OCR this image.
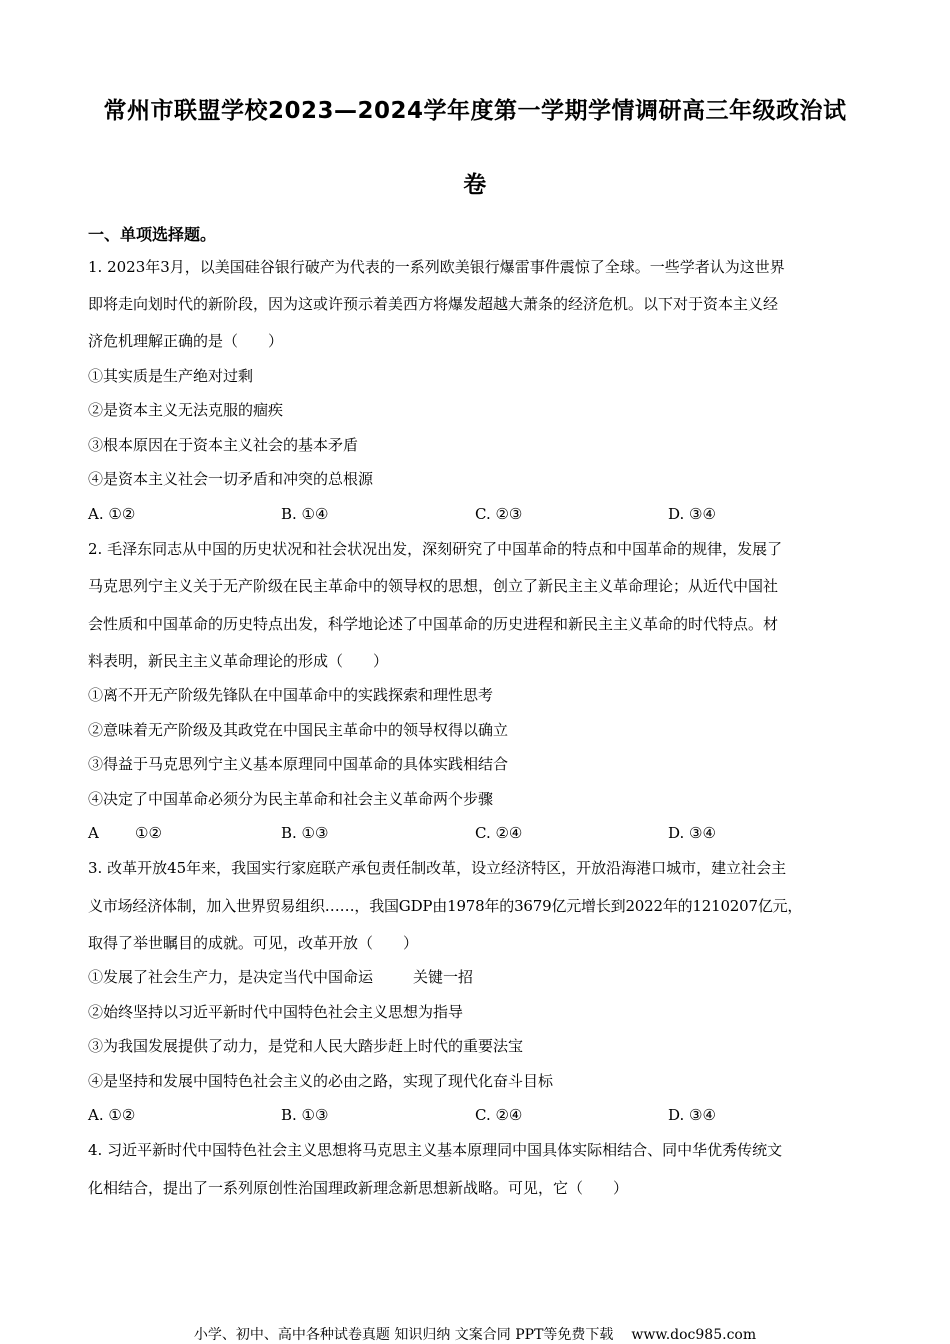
常州市联盟学校2023—2024学年度第一学期学情调研高三年级政治试
卷
一、单项选择题。
1. 2023年3月，以美国硅谷银行破产为代表的一系列欧美银行爆雷事件震惊了全球。一些学者认为这世界
即将走向划时代的新阶段，因为这或许预示着美西方将爆发超越大萧条的经济危机。以下对于资本主义经
济危机理解正确的是（　　）
①其实质是生产绝对过剩
②是资本主义无法克服的痼疾
③根本原因在于资本主义社会的基本矛盾
④是资本主义社会一切矛盾和冲突的总根源
A. ①②	B. ①④	C. ②③	D. ③④
2. 毛泽东同志从中国的历史状况和社会状况出发，深刻研究了中国革命的特点和中国革命的规律，发展了
马克思列宁主义关于无产阶级在民主革命中的领导权的思想，创立了新民主主义革命理论；从近代中国社
会性质和中国革命的历史特点出发，科学地论述了中国革命的历史进程和新民主主义革命的时代特点。材
料表明，新民主主义革命理论的形成（　　）
①离不开无产阶级先锋队在中国革命中的实践探索和理性思考
②意味着无产阶级及其政党在中国民主革命中的领导权得以确立
③得益于马克思列宁主义基本原理同中国革命的具体实践相结合
④决定了中国革命必须分为民主革命和社会主义革命两个步骤
A ①②	B. ①③	C. ②④	D. ③④
3. 改革开放45年来，我国实行家庭联产承包责任制改革，设立经济特区，开放沿海港口城市，建立社会主
义市场经济体制，加入世界贸易组织……，我国GDP由1978年的3679亿元增长到2022年的1210207亿元，
取得了举世瞩目的成就。可见，改革开放（　　）
①发展了社会生产力，是决定当代中国命运	关键一招
②始终坚持以习近平新时代中国特色社会主义思想为指导
③为我国发展提供了动力，是党和人民大踏步赶上时代的重要法宝
④是坚持和发展中国特色社会主义的必由之路，实现了现代化奋斗目标
A. ①②	B. ①③	C. ②④	D. ③④
4. 习近平新时代中国特色社会主义思想将马克思主义基本原理同中国具体实际相结合、同中华优秀传统文
化相结合，提出了一系列原创性治国理政新理念新思想新战略。可见，它（　　）
小学、初中、高中各种试卷真题 知识归纳 文案合同 PPT等免费下载 www.doc985.com
